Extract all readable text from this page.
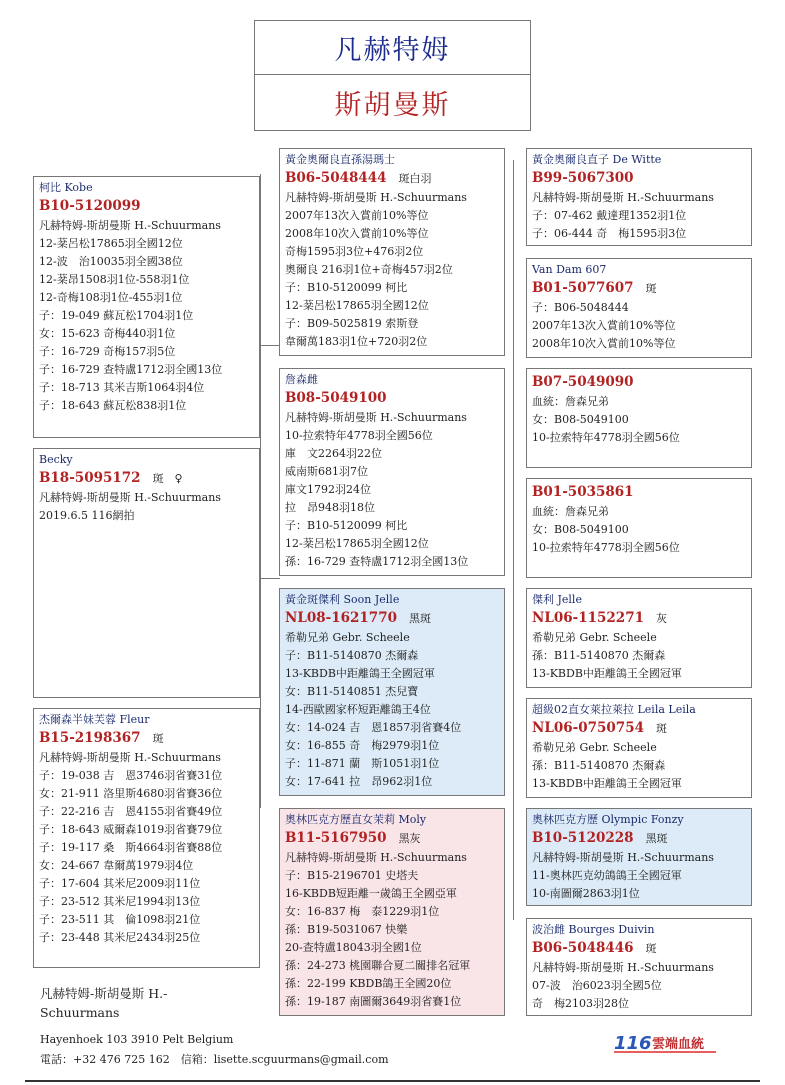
凡赫特姆
斯胡曼斯
柯比 Kobe
B10-5120099
凡赫特姆-斯胡曼斯 H.-Schuurmans
12-棻呂松17865羽全國12位
12-波　治10035羽全國38位
12-棻昂1508羽1位-558羽1位
12-奇梅108羽1位-455羽1位
子：19-049 蘇瓦松1704羽1位
女：15-623 奇梅440羽1位
子：16-729 奇梅157羽5位
子：16-729 查特盧1712羽全國13位
子：18-713 其米吉斯1064羽4位
子：18-643 蘇瓦松838羽1位
Becky
B18-5095172 斑　♀
凡赫特姆-斯胡曼斯 H.-Schuurmans
2019.6.5 116網拍
杰爾森半妹芙蓉 Fleur
B15-2198367 斑
凡赫特姆-斯胡曼斯 H.-Schuurmans
子：19-038 吉　恩3746羽省賽31位
女：21-911 洛里斯4680羽省賽36位
子：22-216 吉　恩4155羽省賽49位
子：18-643 威爾森1019羽省賽79位
子：19-117 桑　斯4664羽省賽88位
女：24-667 韋爾萬1979羽4位
子：17-604 其米尼2009羽11位
子：23-512 其米尼1994羽13位
子：23-511 其　倫1098羽21位
子：23-448 其米尼2434羽25位
黃金奧爾良直孫湯瑪士
B06-5048444 斑白羽
凡赫特姆-斯胡曼斯 H.-Schuurmans
2007年13次入賞前10%等位
2008年10次入賞前10%等位
奇梅1595羽3位+476羽2位
奧爾良 216羽1位+奇梅457羽2位
子：B10-5120099 柯比
12-棻呂松17865羽全國12位
子：B09-5025819 索斯登
韋爾萬183羽1位+720羽2位
詹森雌
B08-5049100
凡赫特姆-斯胡曼斯 H.-Schuurmans
10-拉索特年4778羽全國56位
庫　文2264羽22位
威南斯681羽7位
庫文1792羽24位
拉　昂948羽18位
子：B10-5120099 柯比
12-棻呂松17865羽全國12位
孫：16-729 查特盧1712羽全國13位
黃金斑傑利 Soon Jelle
NL08-1621770 黑斑
希勒兄弟 Gebr. Scheele
子：B11-5140870 杰爾森
13-KBDB中距離鴿王全國冠軍
女：B11-5140851 杰兒寶
14-西歐國家杯短距離鴿王4位
女：14-024 吉　恩1857羽省賽4位
女：16-855 奇　梅2979羽1位
子：11-871 蘭　斯1051羽1位
女：17-641 拉　昂962羽1位
奧林匹克方歷直女茉莉 Moly
B11-5167950 黑灰
凡赫特姆-斯胡曼斯 H.-Schuurmans
子：B15-2196701 史塔夫
16-KBDB短距離一歲鴿王全國亞軍
女：16-837 梅　泰1229羽1位
孫：B19-5031067 快樂
20-查特盧18043羽全國1位
孫：24-273 桃園聯合夏二關排名冠軍
孫：22-199 KBDB鴿王全國20位
孫：19-187 南圖爾3649羽省賽1位
黃金奧爾良直子 De Witte
B99-5067300
凡赫特姆-斯胡曼斯 H.-Schuurmans
子：07-462 戴達理1352羽1位
子：06-444 奇　梅1595羽3位
Van Dam 607
B01-5077607 斑
子：B06-5048444
2007年13次入賞前10%等位
2008年10次入賞前10%等位
B07-5049090
血統：詹森兄弟
女：B08-5049100
10-拉索特年4778羽全國56位
B01-5035861
血統：詹森兄弟
女：B08-5049100
10-拉索特年4778羽全國56位
傑利 Jelle
NL06-1152271 灰
希勒兄弟 Gebr. Scheele
孫：B11-5140870 杰爾森
13-KBDB中距離鴿王全國冠軍
超級02直女萊拉萊拉 Leila Leila
NL06-0750754 斑
希勒兄弟 Gebr. Scheele
孫：B11-5140870 杰爾森
13-KBDB中距離鴿王全國冠軍
奧林匹克方歷 Olympic Fonzy
B10-5120228 黑斑
凡赫特姆-斯胡曼斯 H.-Schuurmans
11-奧林匹克幼鴿鴿王全國冠軍
10-南圖爾2863羽1位
波治雌 Bourges Duivin
B06-5048446 斑
凡赫特姆-斯胡曼斯 H.-Schuurmans
07-波　治6023羽全國5位
奇　梅2103羽28位
凡赫特姆-斯胡曼斯 H.-Schuurmans
Hayenhoek 103 3910 Pelt Belgium
電話：+32 476 725 162　信箱：lisette.scguurmans@gmail.com
116 雲端血統
